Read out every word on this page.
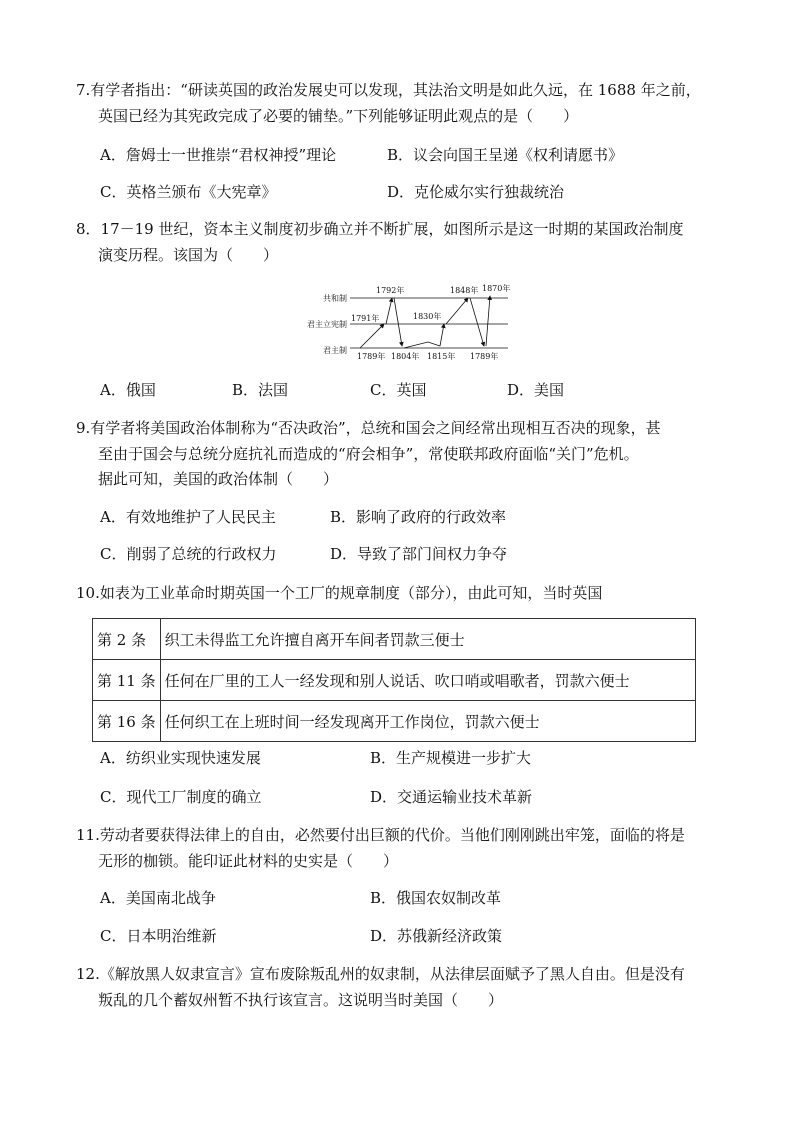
7.有学者指出：“研读英国的政治发展史可以发现，其法治文明是如此久远，在 1688 年之前，
英国已经为其宪政完成了必要的铺垫。”下列能够证明此观点的是（　　）
A．詹姆士一世推崇“君权神授”理论	B．议会向国王呈递《权利请愿书》
C．英格兰颁布《大宪章》	D．克伦威尔实行独裁统治
8．17－19 世纪，资本主义制度初步确立并不断扩展，如图所示是这一时期的某国政治制度
演变历程。该国为（　　）
共和制
君主立宪制
君主制
1792年	1848年 1870年
1791年	1830年
1789年 1804年 1815年 1789年
A．俄国	B．法国	C．英国	D．美国
9.有学者将美国政治体制称为“否决政治”，总统和国会之间经常出现相互否决的现象，甚
至由于国会与总统分庭抗礼而造成的“府会相争”，常使联邦政府面临“关门”危机。
据此可知，美国的政治体制（　　）
A．有效地维护了人民民主	B．影响了政府的行政效率
C．削弱了总统的行政权力	D．导致了部门间权力争夺
10.如表为工业革命时期英国一个工厂的规章制度（部分），由此可知，当时英国
第 2 条	织工未得监工允许擅自离开车间者罚款三便士
第 11 条	任何在厂里的工人一经发现和别人说话、吹口哨或唱歌者，罚款六便士
第 16 条	任何织工在上班时间一经发现离开工作岗位，罚款六便士
A．纺织业实现快速发展	B．生产规模进一步扩大
C．现代工厂制度的确立	D．交通运输业技术革新
11.劳动者要获得法律上的自由，必然要付出巨额的代价。当他们刚刚跳出牢笼，面临的将是
无形的枷锁。能印证此材料的史实是（　　）
A．美国南北战争	B．俄国农奴制改革
C．日本明治维新	D．苏俄新经济政策
12.《解放黑人奴隶宣言》宣布废除叛乱州的奴隶制，从法律层面赋予了黑人自由。但是没有
叛乱的几个蓄奴州暂不执行该宣言。这说明当时美国（　　）
